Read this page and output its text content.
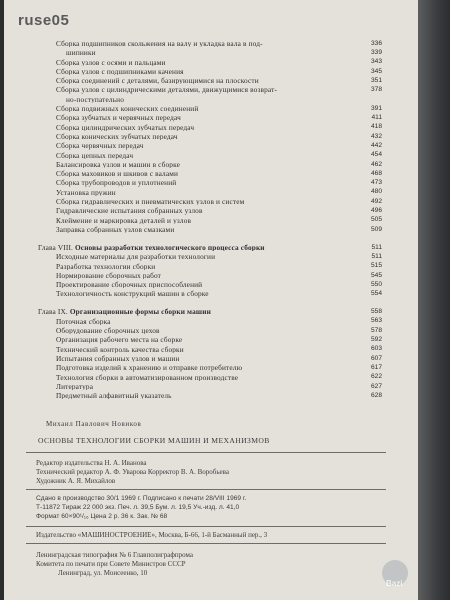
ruse05
Сборка подшипников скольжения на валу и укладка вала в под-	336
шипники	339
Сборка узлов с осями и пальцами	343
Сборка узлов с подшипниками качения	345
Сборка соединений с деталями, базирующимися на плоскости	351
Сборка узлов с цилиндрическими деталями, движущимися возврат-	378
но-поступательно
Сборка подвижных конических соединений	391
Сборка зубчатых и червячных передач	411
Сборка цилиндрических зубчатых передач	418
Сборка конических зубчатых передач	432
Сборка червячных передач	442
Сборка цепных передач	454
Балансировка узлов и машин в сборке	462
Сборка маховиков и шкивов с валами	468
Сборка трубопроводов и уплотнений	473
Установка пружин	480
Сборка гидравлических и пневматических узлов и систем	492
Гидравлические испытания собранных узлов	496
Клеймение и маркировка деталей и узлов	505
Заправка собранных узлов смазками	509
Глава VIII. Основы разработки технологического процесса сборки	511
Исходные материалы для разработки технологии	511
Разработка технологии сборки	515
Нормирование сборочных работ	545
Проектирование сборочных приспособлений	550
Технологичность конструкций машин в сборке	554
Глава IX. Организационные формы сборки машин	558
Поточная сборка	563
Оборудование сборочных цехов	578
Организация рабочего места на сборке	592
Технический контроль качества сборки	603
Испытания собранных узлов и машин	607
Подготовка изделий к хранению и отправке потребителю	617
Технология сборки в автоматизированном производстве	622
Литература	627
Предметный алфавитный указатель	628
Михаил Павлович Новиков
ОСНОВЫ ТЕХНОЛОГИИ СБОРКИ МАШИН И МЕХАНИЗМОВ
Редактор издательства Н. А. Иванова
Технический редактор А. Ф. Уварова Корректор В. А. Воробьева
Художник А. Я. Михайлов
Сдано в производство 30/1 1969 г. Подписано к печати 28/VIII 1969 г.
Т-11872 Тираж 22 000 экз. Печ. л. 39,5 Бум. л. 19,5 Уч.-изд. л. 41,0
Формат 60×90¹/₁₆ Цена 2 р. 36 к. Зак. № 68
Издательство «МАШИНОСТРОЕНИЕ», Москва, Б-66, 1-й Басманный пер., 3
Ленинградская типография № 6 Главполиграфпрома
Комитета по печати при Совете Министров СССР
Ленинград, ул. Моисеенко, 10
Bazi
